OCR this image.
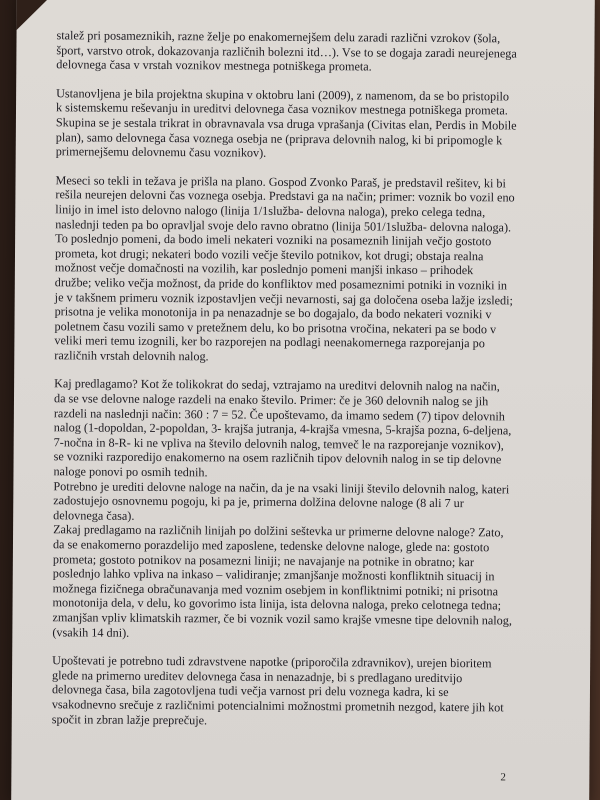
stalež pri posameznikih, razne želje po enakomernejšem delu zaradi različni vzrokov (šola,
šport, varstvo otrok, dokazovanja različnih bolezni itd…). Vse to se dogaja zaradi neurejenega
delovnega časa v vrstah voznikov mestnega potniškega prometa.
Ustanovljena je bila projektna skupina v oktobru lani (2009), z namenom, da se bo pristopilo
k sistemskemu reševanju in ureditvi delovnega časa voznikov mestnega potniškega prometa.
Skupina se je sestala trikrat in obravnavala vsa druga vprašanja (Civitas elan, Perdis in Mobile
plan), samo delovnega časa voznega osebja ne (priprava delovnih nalog, ki bi pripomogle k
primernejšemu delovnemu času voznikov).
Meseci so tekli in težava je prišla na plano. Gospod Zvonko Paraš, je predstavil rešitev, ki bi
rešila neurejen delovni čas voznega osebja. Predstavi ga na način; primer: voznik bo vozil eno
linijo in imel isto delovno nalogo (linija 1/1služba- delovna naloga), preko celega tedna,
naslednji teden pa bo opravljal svoje delo ravno obratno (linija 501/1služba- delovna naloga).
To poslednjo pomeni, da bodo imeli nekateri vozniki na posameznih linijah večjo gostoto
prometa, kot drugi; nekateri bodo vozili večje število potnikov, kot drugi; obstaja realna
možnost večje domačnosti na vozilih, kar poslednjo pomeni manjši inkaso – prihodek
družbe; veliko večja možnost, da pride do konfliktov med posameznimi potniki in vozniki in
je v takšnem primeru voznik izpostavljen večji nevarnosti, saj ga določena oseba lažje izsledi;
prisotna je velika monotonija in pa nenazadnje se bo dogajalo, da bodo nekateri vozniki v
poletnem času vozili samo v pretežnem delu, ko bo prisotna vročina, nekateri pa se bodo v
veliki meri temu izognili, ker bo razporejen na podlagi neenakomernega razporejanja po
različnih vrstah delovnih nalog.
Kaj predlagamo? Kot že tolikokrat do sedaj, vztrajamo na ureditvi delovnih nalog na način,
da se vse delovne naloge razdeli na enako število. Primer: če je 360 delovnih nalog se jih
razdeli na naslednji način: 360 : 7 = 52. Če upoštevamo, da imamo sedem (7) tipov delovnih
nalog (1-dopoldan, 2-popoldan, 3- krajša jutranja, 4-krajša vmesna, 5-krajša pozna, 6-deljena,
7-nočna in 8-R- ki ne vpliva na število delovnih nalog, temveč le na razporejanje voznikov),
se vozniki razporedijo enakomerno na osem različnih tipov delovnih nalog in se tip delovne
naloge ponovi po osmih tednih.
Potrebno je urediti delovne naloge na način, da je na vsaki liniji število delovnih nalog, kateri
zadostujejo osnovnemu pogoju, ki pa je, primerna dolžina delovne naloge (8 ali 7 ur
delovnega časa).
Zakaj predlagamo na različnih linijah po dolžini seštevka ur primerne delovne naloge? Zato,
da se enakomerno porazdelijo med zaposlene, tedenske delovne naloge, glede na: gostoto
prometa; gostoto potnikov na posamezni liniji; ne navajanje na potnike in obratno; kar
poslednjo lahko vpliva na inkaso – validiranje; zmanjšanje možnosti konfliktnih situacij in
možnega fizičnega obračunavanja med voznim osebjem in konfliktnimi potniki; ni prisotna
monotonija dela, v delu, ko govorimo ista linija, ista delovna naloga, preko celotnega tedna;
zmanjšan vpliv klimatskih razmer, če bi voznik vozil samo krajše vmesne tipe delovnih nalog,
(vsakih 14 dni).
Upoštevati je potrebno tudi zdravstvene napotke (priporočila zdravnikov), urejen bioritem
glede na primerno ureditev delovnega časa in nenazadnje, bi s predlagano ureditvijo
delovnega časa, bila zagotovljena tudi večja varnost pri delu voznega kadra, ki se
vsakodnevno srečuje z različnimi potencialnimi možnostmi prometnih nezgod, katere jih kot
spočit in zbran lažje preprečuje.
2
